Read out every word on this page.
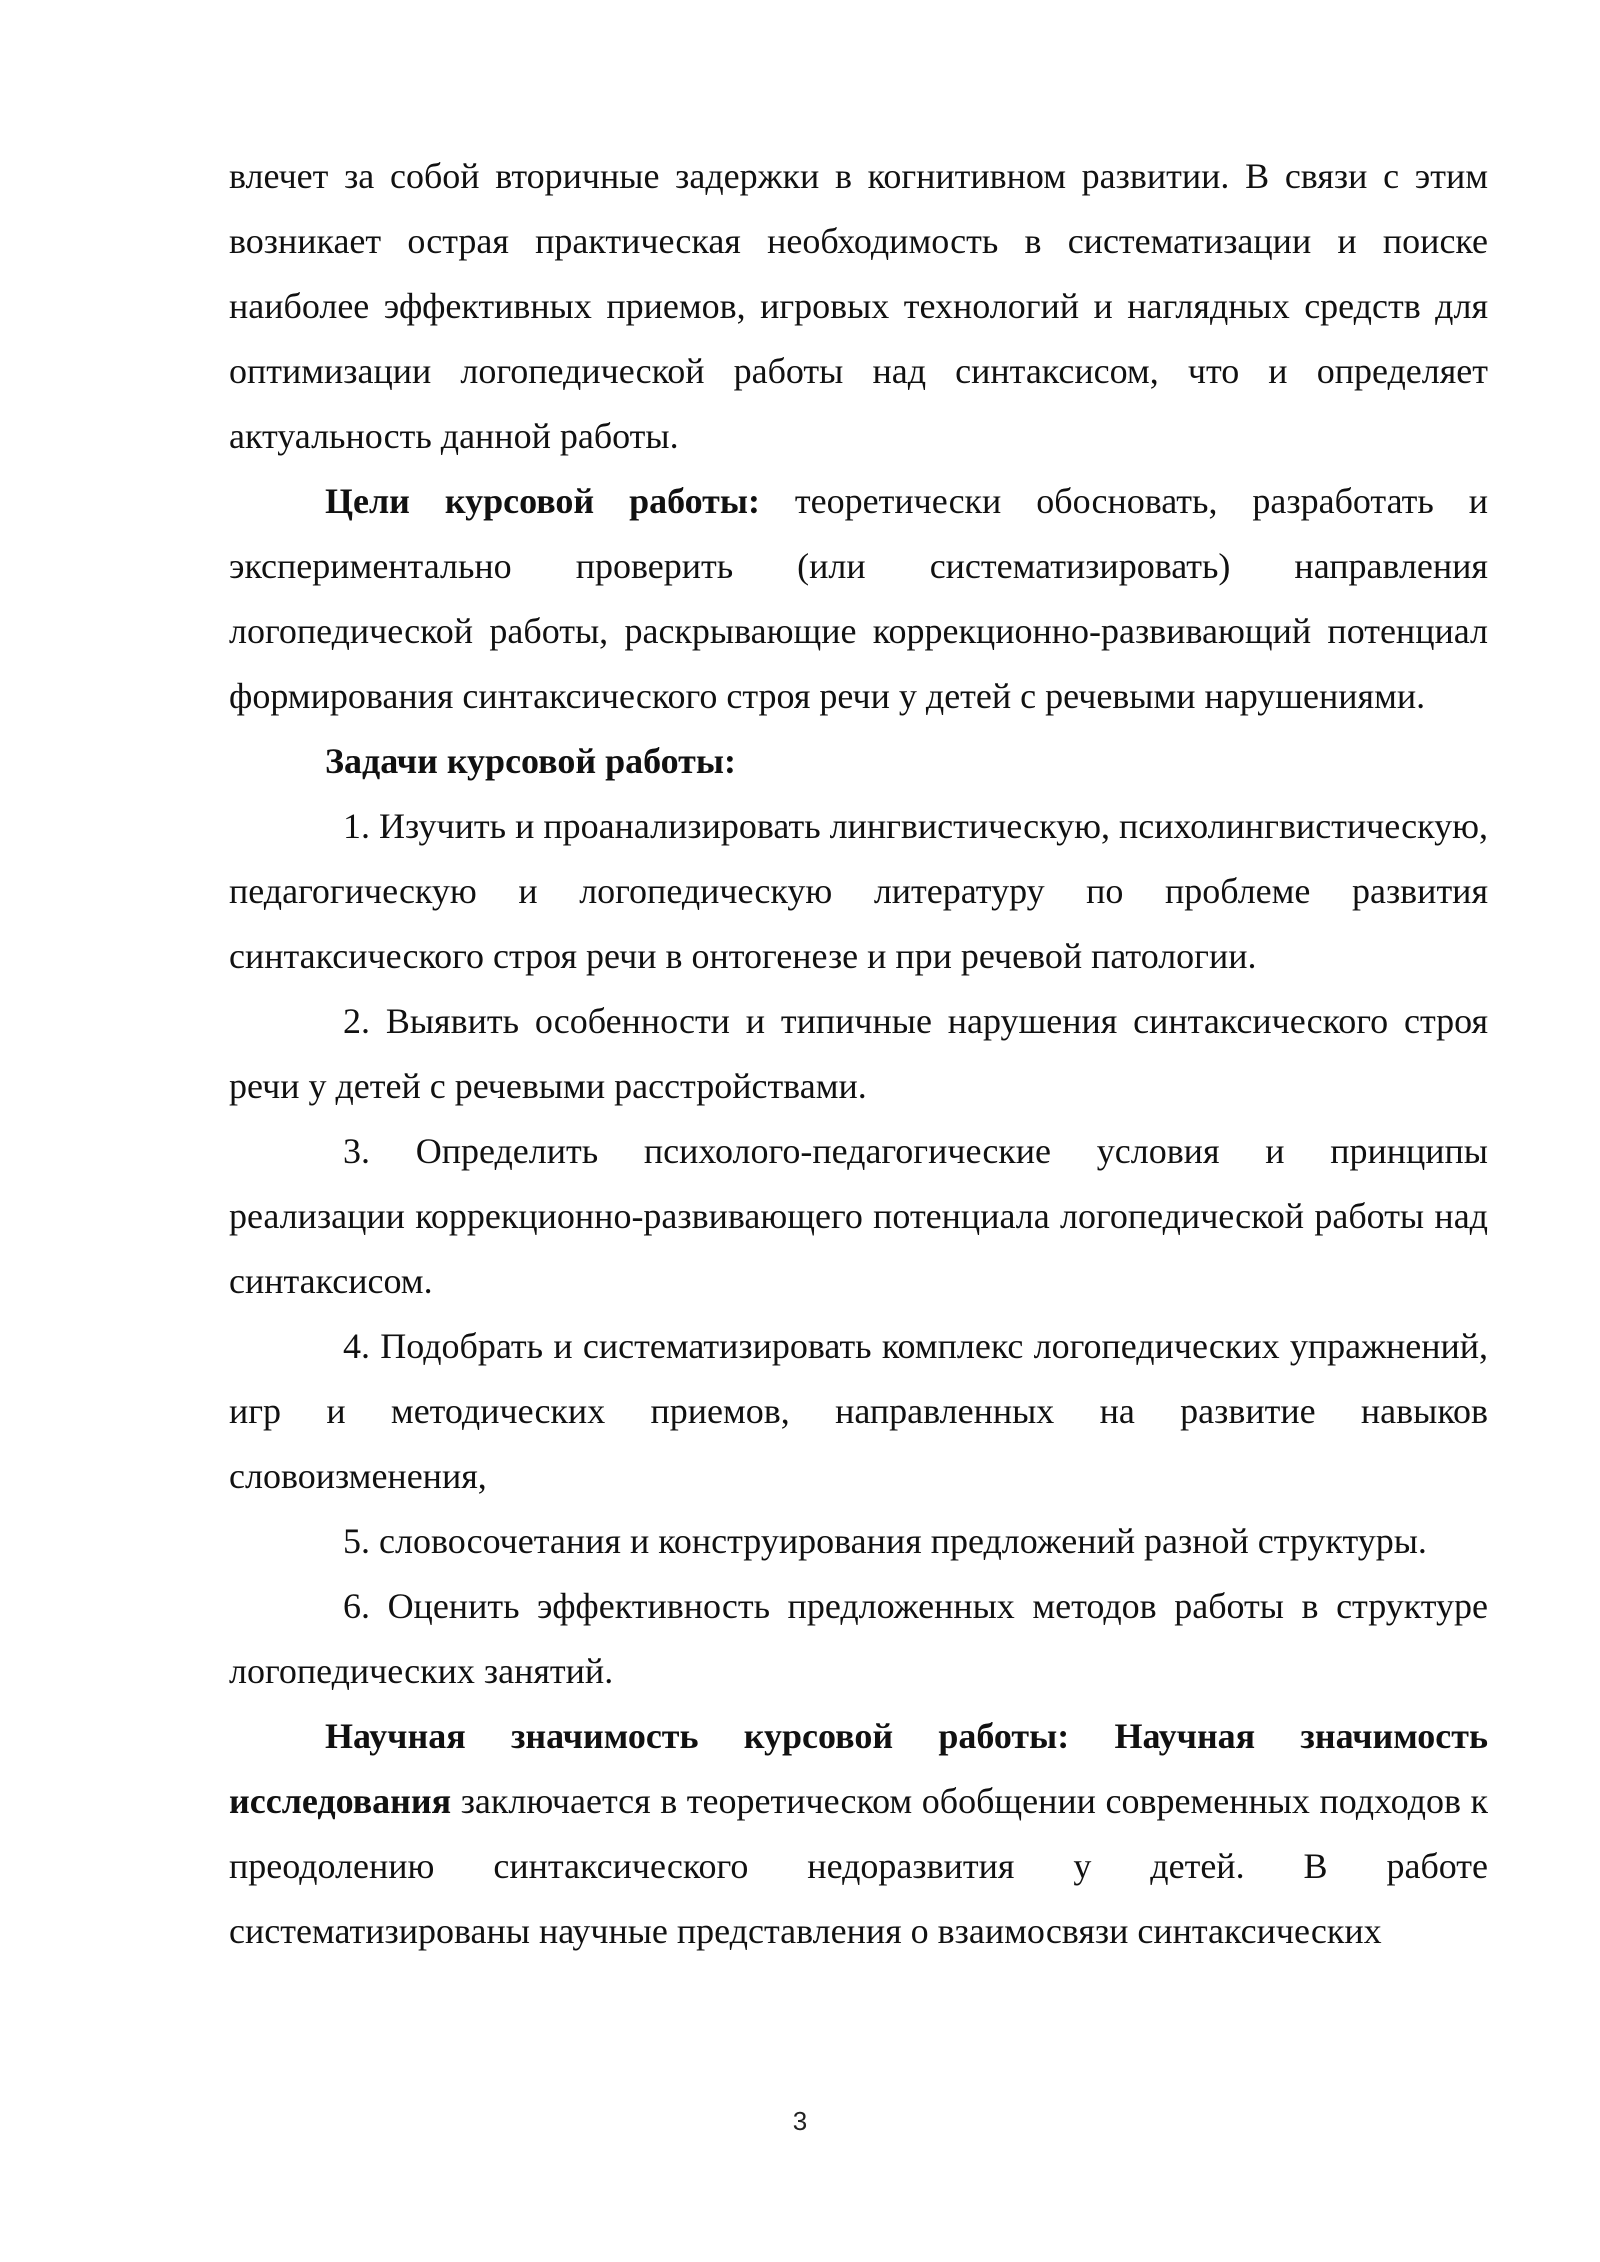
влечет за собой вторичные задержки в когнитивном развитии. В связи с этим возникает острая практическая необходимость в систематизации и поиске наиболее эффективных приемов, игровых технологий и наглядных средств для оптимизации логопедической работы над синтаксисом, что и определяет актуальность данной работы.

Цели курсовой работы: теоретически обосновать, разработать и экспериментально проверить (или систематизировать) направления логопедической работы, раскрывающие коррекционно-развивающий потенциал формирования синтаксического строя речи у детей с речевыми нарушениями.

Задачи курсовой работы:

1. Изучить и проанализировать лингвистическую, психолингвистическую, педагогическую и логопедическую литературу по проблеме развития синтаксического строя речи в онтогенезе и при речевой патологии.

2. Выявить особенности и типичные нарушения синтаксического строя речи у детей с речевыми расстройствами.

3. Определить психолого-педагогические условия и принципы реализации коррекционно-развивающего потенциала логопедической работы над синтаксисом.

4. Подобрать и систематизировать комплекс логопедических упражнений, игр и методических приемов, направленных на развитие навыков словоизменения,

5. словосочетания и конструирования предложений разной структуры.

6. Оценить эффективность предложенных методов работы в структуре логопедических занятий.

Научная значимость курсовой работы: Научная значимость исследования заключается в теоретическом обобщении современных подходов к преодолению синтаксического недоразвития у детей. В работе систематизированы научные представления о взаимосвязи синтаксических

3
